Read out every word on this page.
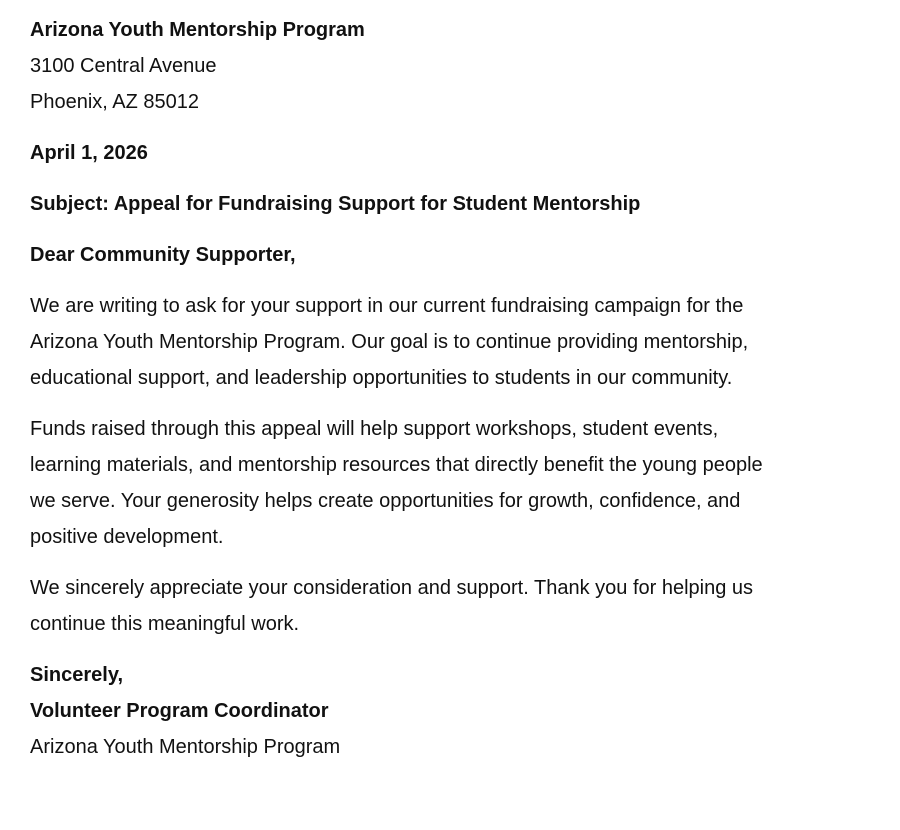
Arizona Youth Mentorship Program
3100 Central Avenue
Phoenix, AZ 85012
April 1, 2026
Subject: Appeal for Fundraising Support for Student Mentorship
Dear Community Supporter,

We are writing to ask for your support in our current fundraising campaign for the Arizona Youth Mentorship Program. Our goal is to continue providing mentorship, educational support, and leadership opportunities to students in our community.

Funds raised through this appeal will help support workshops, student events, learning materials, and mentorship resources that directly benefit the young people we serve. Your generosity helps create opportunities for growth, confidence, and positive development.

We sincerely appreciate your consideration and support. Thank you for helping us continue this meaningful work.

Sincerely,
Volunteer Program Coordinator
Arizona Youth Mentorship Program
